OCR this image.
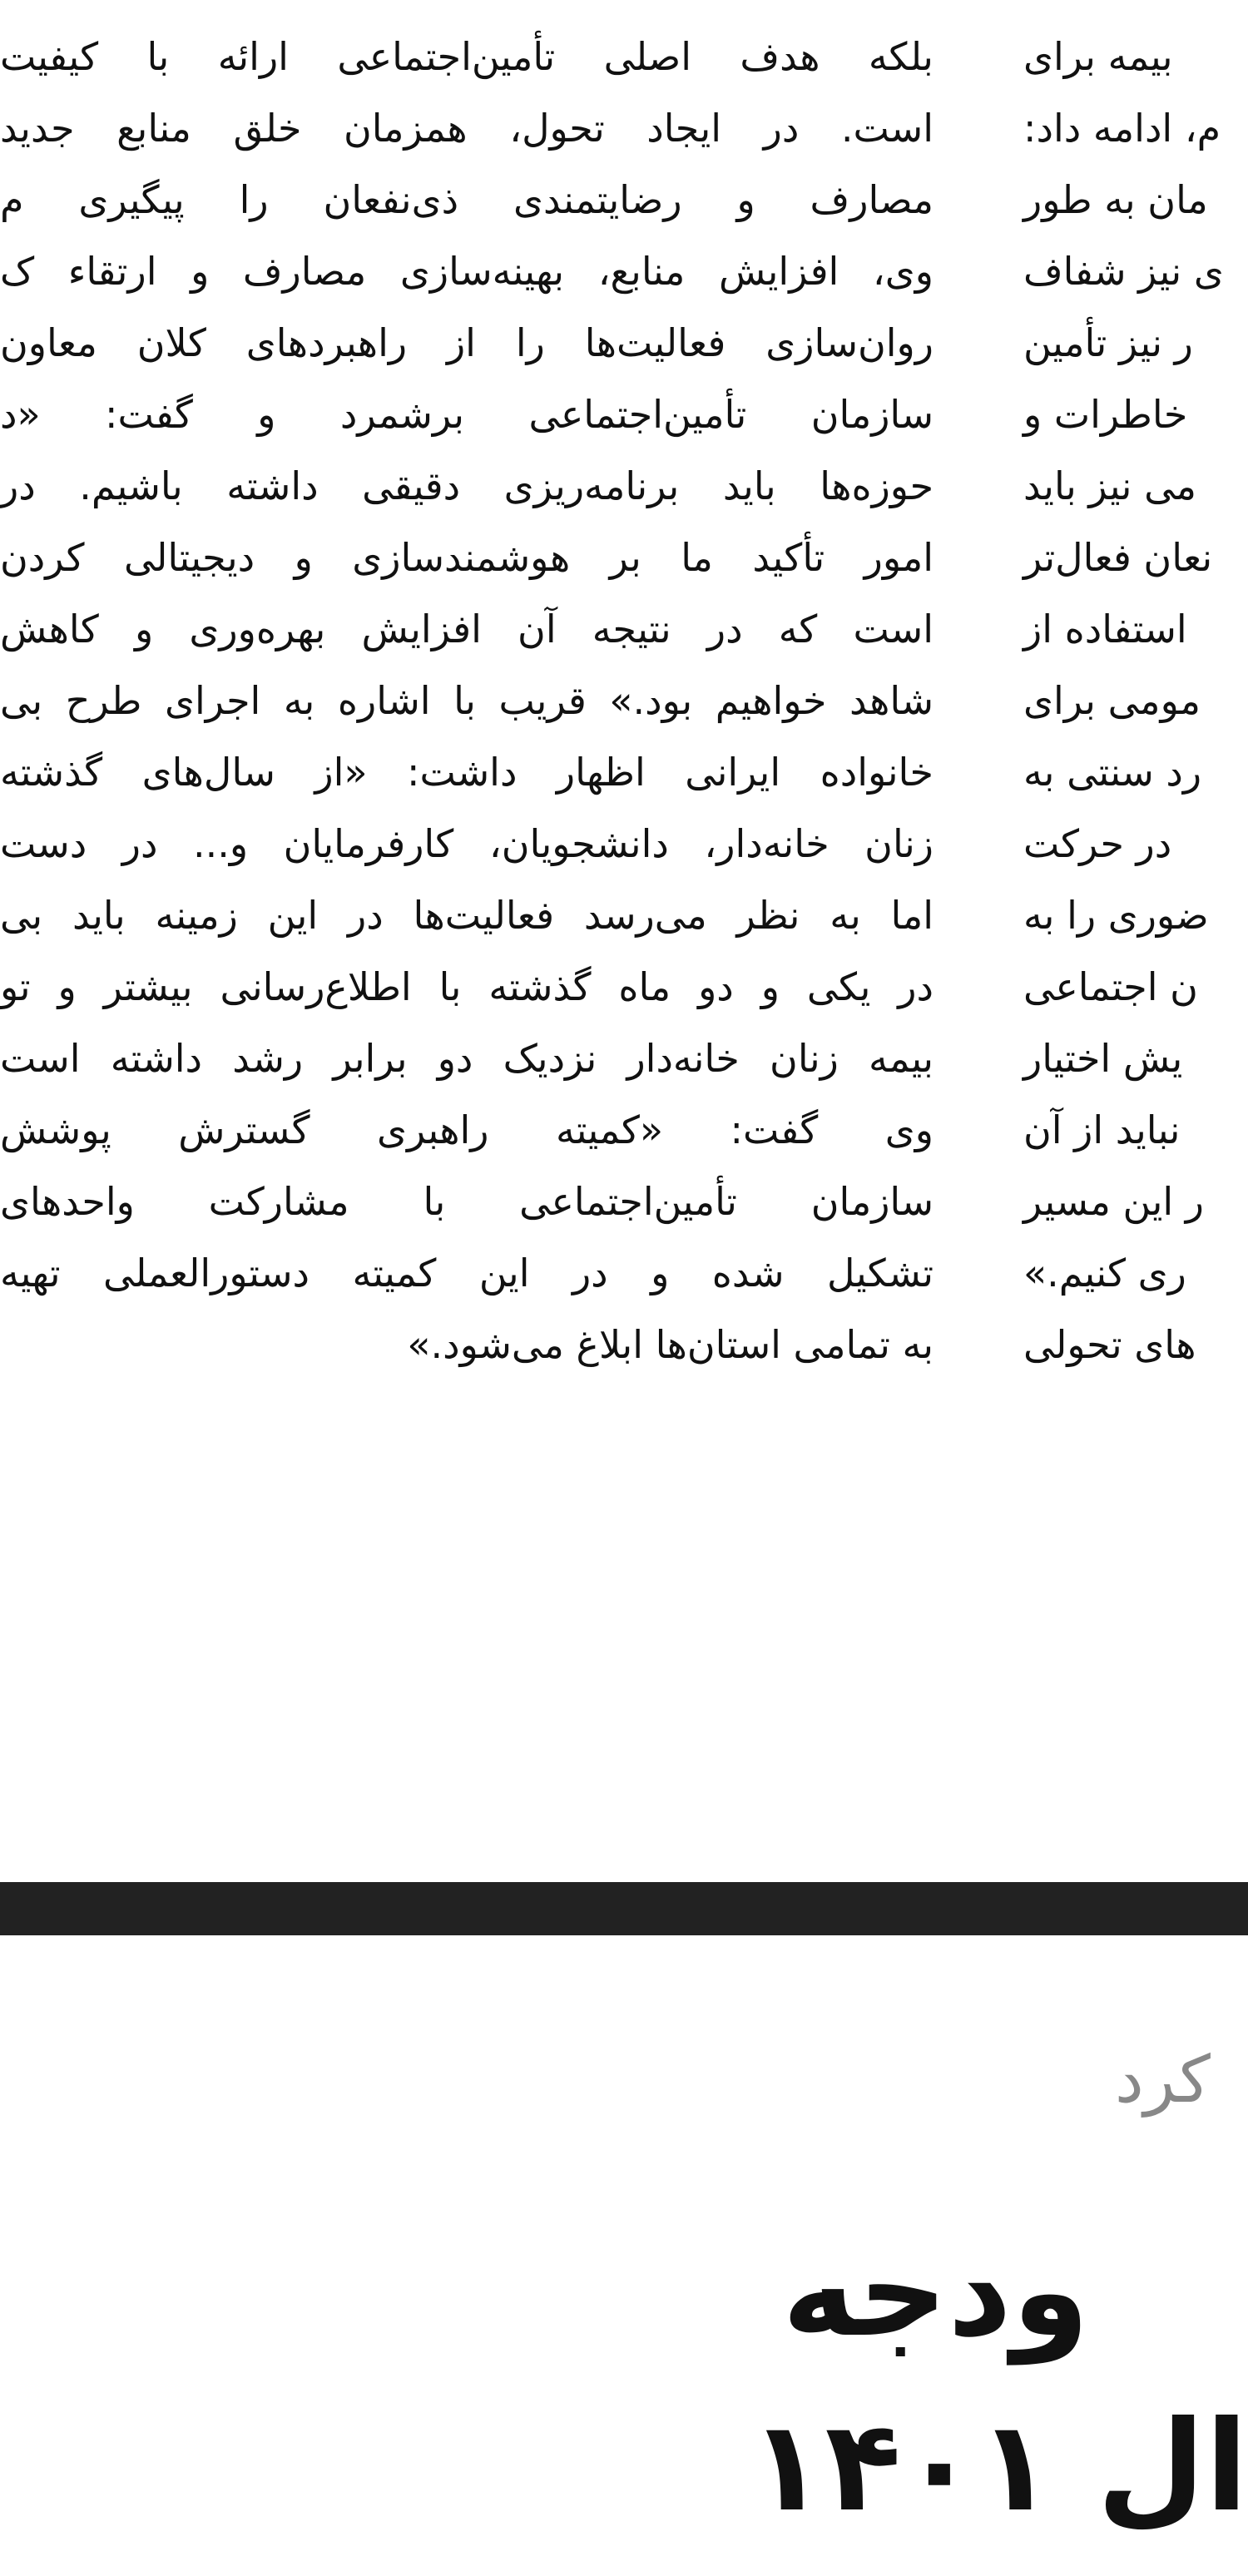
بلکه هدف اصلی تأمین‌اجتماعی ارائه با کیفیت
است. در ایجاد تحول، همزمان خلق منابع جدید
مصارف و رضایتمندی ذی‌نفعان را پیگیری م
وی، افزایش منابع، بهینه‌سازی مصارف و ارتقاء ک
روان‌سازی فعالیت‌ها را از راهبردهای کلان معاون
سازمان تأمین‌اجتماعی برشمرد و گفت: «د
حوزه‌ها باید برنامه‌ریزی دقیقی داشته باشیم. در
امور تأکید ما بر هوشمندسازی و دیجیتالی کردن
است که در نتیجه آن افزایش بهره‌وری و کاهش
شاهد خواهیم بود.» قریب با اشاره به اجرای طرح بی
خانواده ایرانی اظهار داشت: «از سال‌های گذشته
زنان خانه‌دار، دانشجویان، کارفرمایان و... در دست
اما به نظر می‌رسد فعالیت‌ها در این زمینه باید بی
در یکی و دو ماه گذشته با اطلاع‌رسانی بیشتر و تو
بیمه زنان خانه‌دار نزدیک دو برابر رشد داشته است
وی گفت: «کمیته راهبری گسترش پوشش
سازمان تأمین‌اجتماعی با مشارکت واحدهای
تشکیل شده و در این کمیته دستورالعملی تهیه
به تمامی استان‌ها ابلاغ می‌شود.»
بیمه برای
م، ادامه داد:
مان به طور
ی نیز شفاف
ر نیز تأمین
خاطرات و
می نیز باید
نعان فعال‌تر
استفاده از
مومی برای
رد سنتی به
در حرکت
ضوری را به
ن اجتماعی
یش اختیار
نباید از آن
ر این مسیر
ری کنیم.»
های تحولی
کرد
ودجه
ال ۱۴۰۱
